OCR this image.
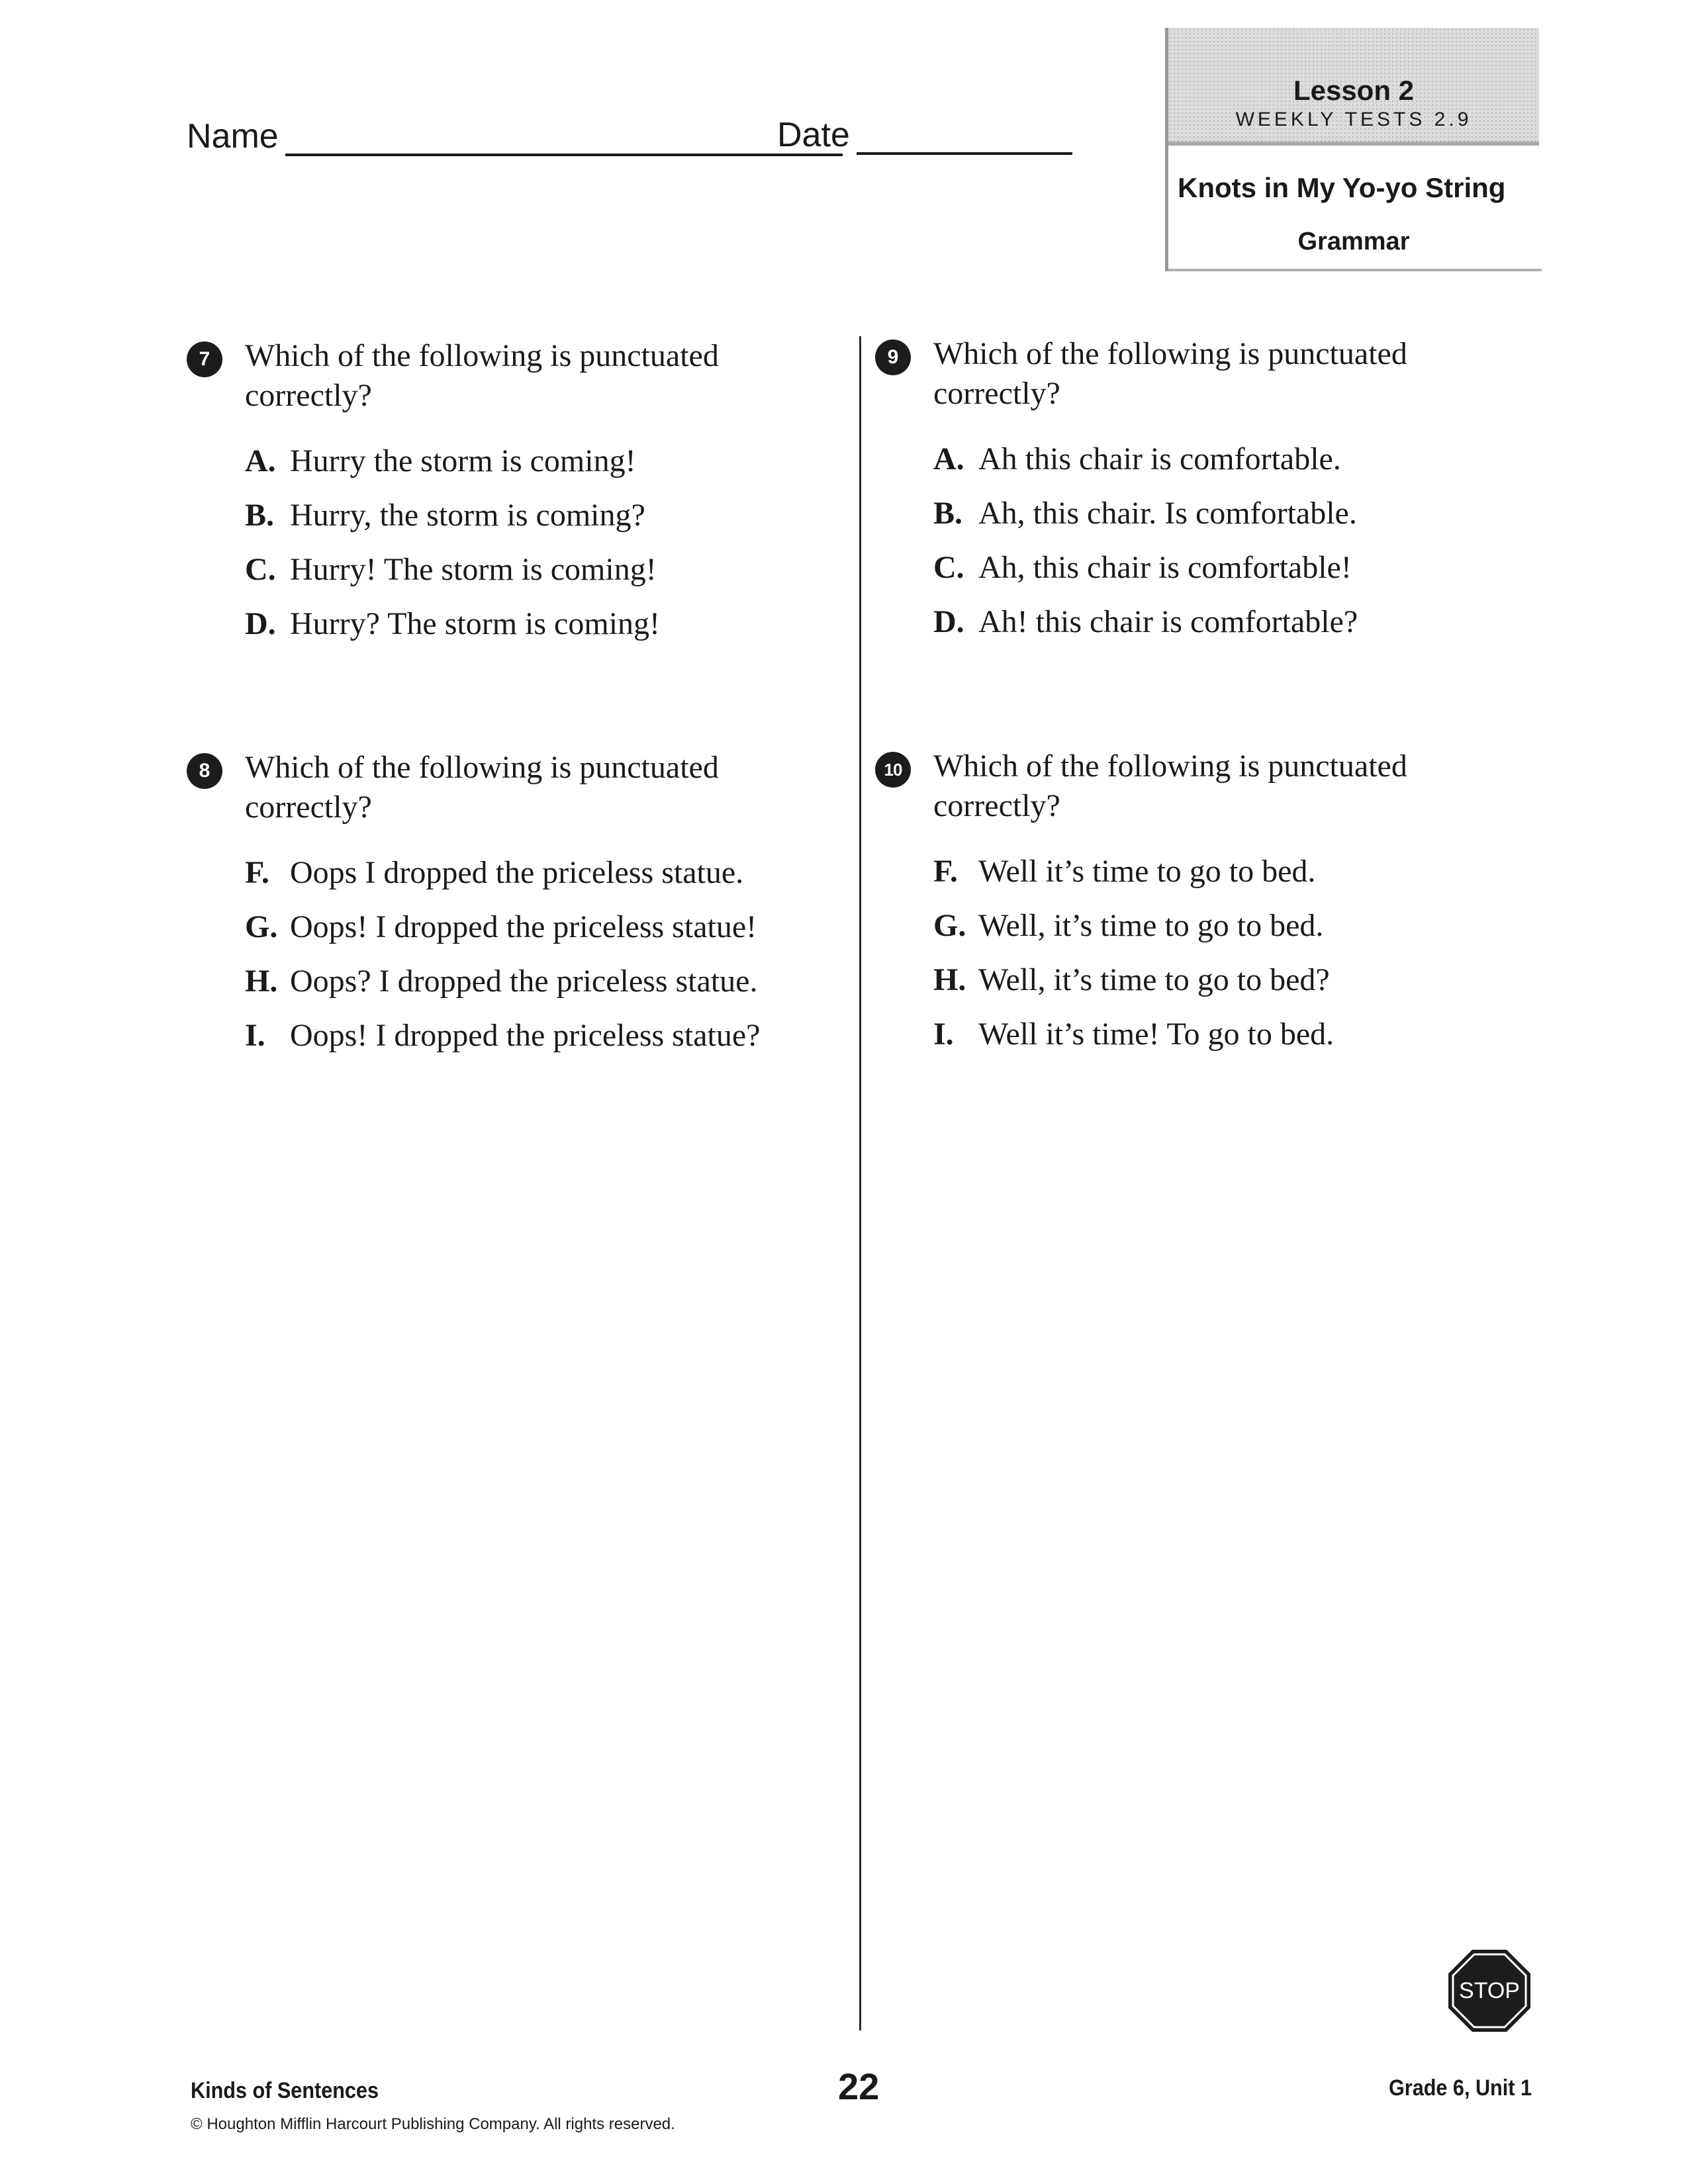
Name	Date
Lesson 2
WEEKLY TESTS 2.9
Knots in My Yo-yo String
Grammar
7	Which of the following is punctuated correctly?
A. Hurry the storm is coming!
B. Hurry, the storm is coming?
C. Hurry! The storm is coming!
D. Hurry? The storm is coming!
8	Which of the following is punctuated correctly?
F. Oops I dropped the priceless statue.
G. Oops! I dropped the priceless statue!
H. Oops? I dropped the priceless statue.
I. Oops! I dropped the priceless statue?
9	Which of the following is punctuated correctly?
A. Ah this chair is comfortable.
B. Ah, this chair. Is comfortable.
C. Ah, this chair is comfortable!
D. Ah! this chair is comfortable?
10 Which of the following is punctuated correctly?
F. Well it’s time to go to bed.
G. Well, it’s time to go to bed.
H. Well, it’s time to go to bed?
I. Well it’s time! To go to bed.
STOP
Kinds of Sentences
© Houghton Mifflin Harcourt Publishing Company. All rights reserved.
22	Grade 6, Unit 1
